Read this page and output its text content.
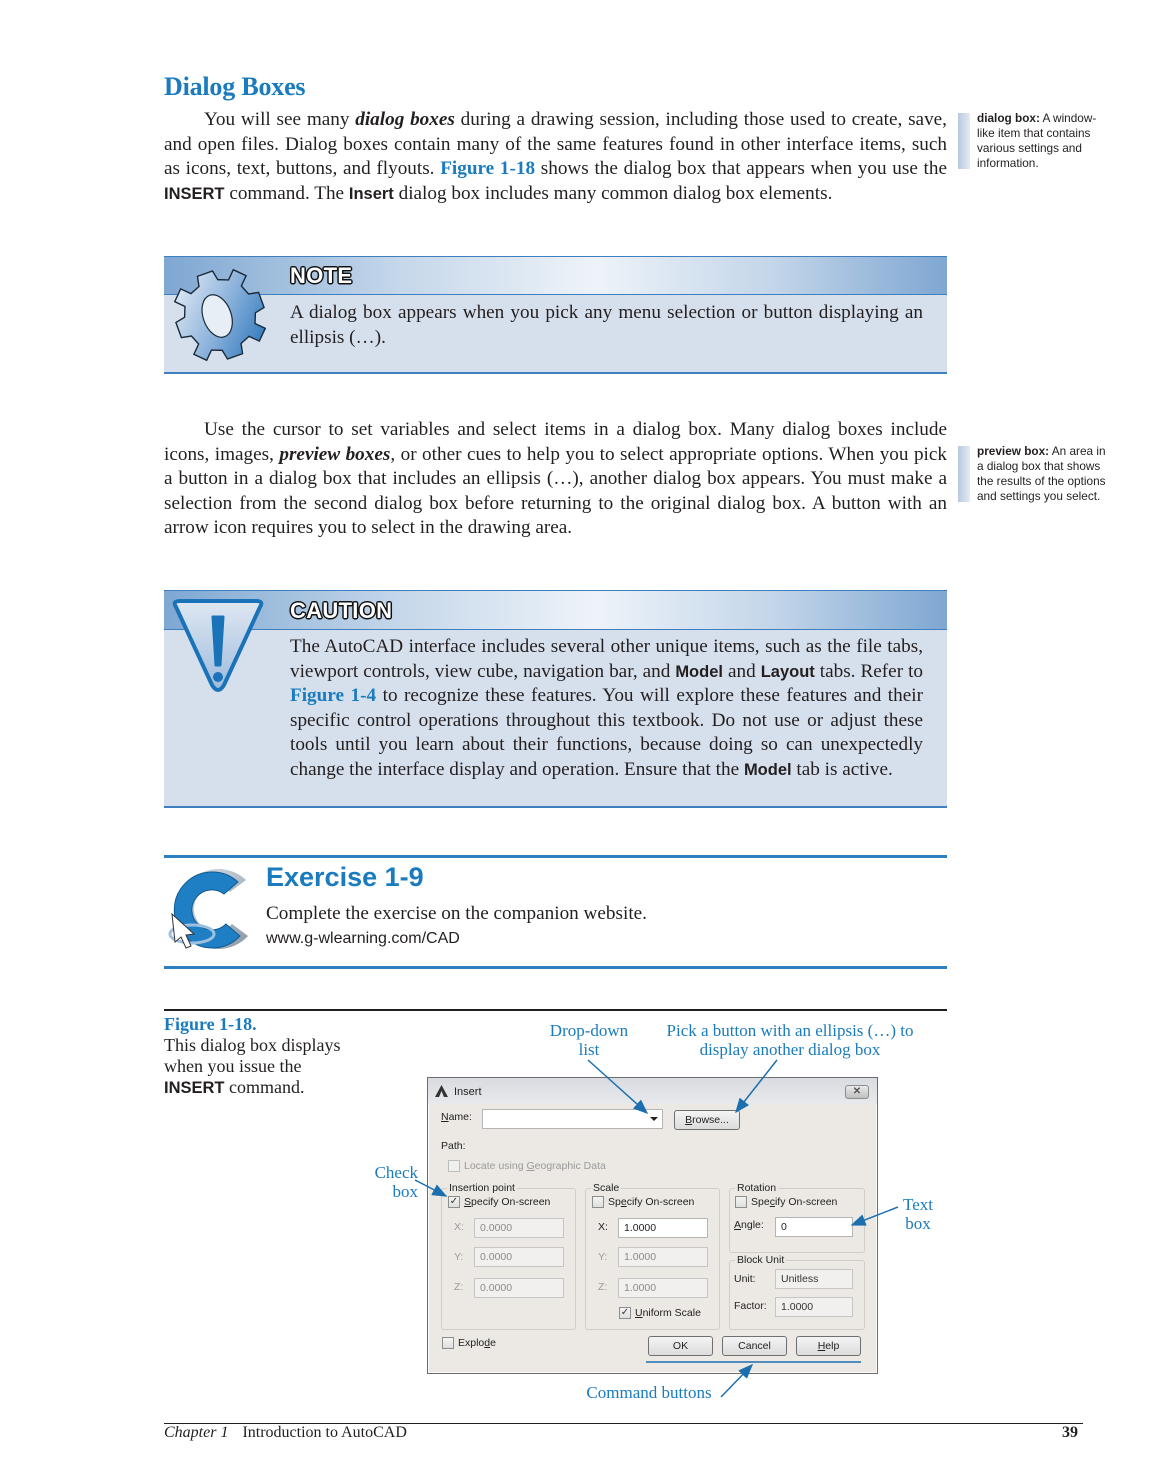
Dialog Boxes

You will see many dialog boxes during a drawing session, including those used to create, save, and open files. Dialog boxes contain many of the same features found in other interface items, such as icons, text, buttons, and flyouts. Figure 1-18 shows the dialog box that appears when you use the INSERT command. The Insert dialog box includes many common dialog box elements.

dialog box: A window-like item that contains various settings and information.
NOTE
A dialog box appears when you pick any menu selection or button displaying an ellipsis (…).

Use the cursor to set variables and select items in a dialog box. Many dialog boxes include icons, images, preview boxes, or other cues to help you to select appropriate options. When you pick a button in a dialog box that includes an ellipsis (…), another dialog box appears. You must make a selection from the second dialog box before returning to the original dialog box. A button with an arrow icon requires you to select in the drawing area.

preview box: An area in a dialog box that shows the results of the options and settings you select.
CAUTION
The AutoCAD interface includes several other unique items, such as the file tabs, viewport controls, view cube, navigation bar, and Model and Layout tabs. Refer to Figure 1-4 to recognize these features. You will explore these features and their specific control operations throughout this textbook. Do not use or adjust these tools until you learn about their functions, because doing so can unexpectedly change the interface display and operation. Ensure that the Model tab is active.
Exercise 1-9
Complete the exercise on the companion website.
www.g-wlearning.com/CAD
Figure 1-18.
This dialog box displays when you issue the INSERT command.
Drop-down list
Pick a button with an ellipsis (…) to display another dialog box
Check box
Text box
Command buttons
Insert	✕
Name:	Browse...
Path:
Locate using Geographic Data
Insertion point
✓ Specify On-screen
X:	0.0000
Y:	0.0000
Z:	0.0000
Scale
Specify On-screen
X:	1.0000
Y:	1.0000
Z:	1.0000
✓ Uniform Scale
Rotation
Specify On-screen
Angle:	0
Block Unit
Unit:	Unitless
Factor:	1.0000
Explode	OK	Cancel	Help
Chapter 1 Introduction to AutoCAD	39
